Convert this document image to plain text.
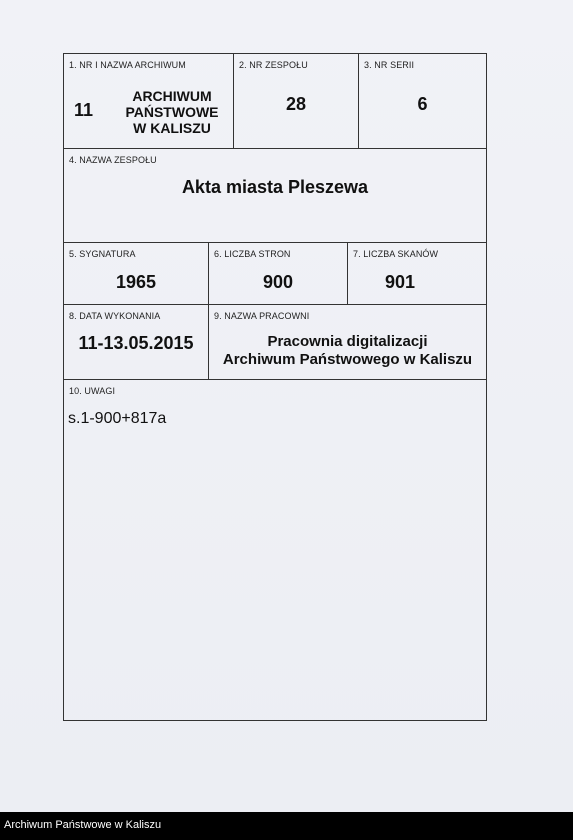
1. NR I NAZWA ARCHIWUM
11
ARCHIWUM
PAŃSTWOWE
W KALISZU
2. NR ZESPOŁU
28
3. NR SERII
6
4. NAZWA ZESPOŁU
Akta miasta Pleszewa
5. SYGNATURA
1965
6. LICZBA STRON
900
7. LICZBA SKANÓW
901
8. DATA WYKONANIA
11-13.05.2015
9. NAZWA PRACOWNI
Pracownia digitalizacji
Archiwum Państwowego w Kaliszu
10. UWAGI
s.1-900+817a
Archiwum Państwowe w Kaliszu
